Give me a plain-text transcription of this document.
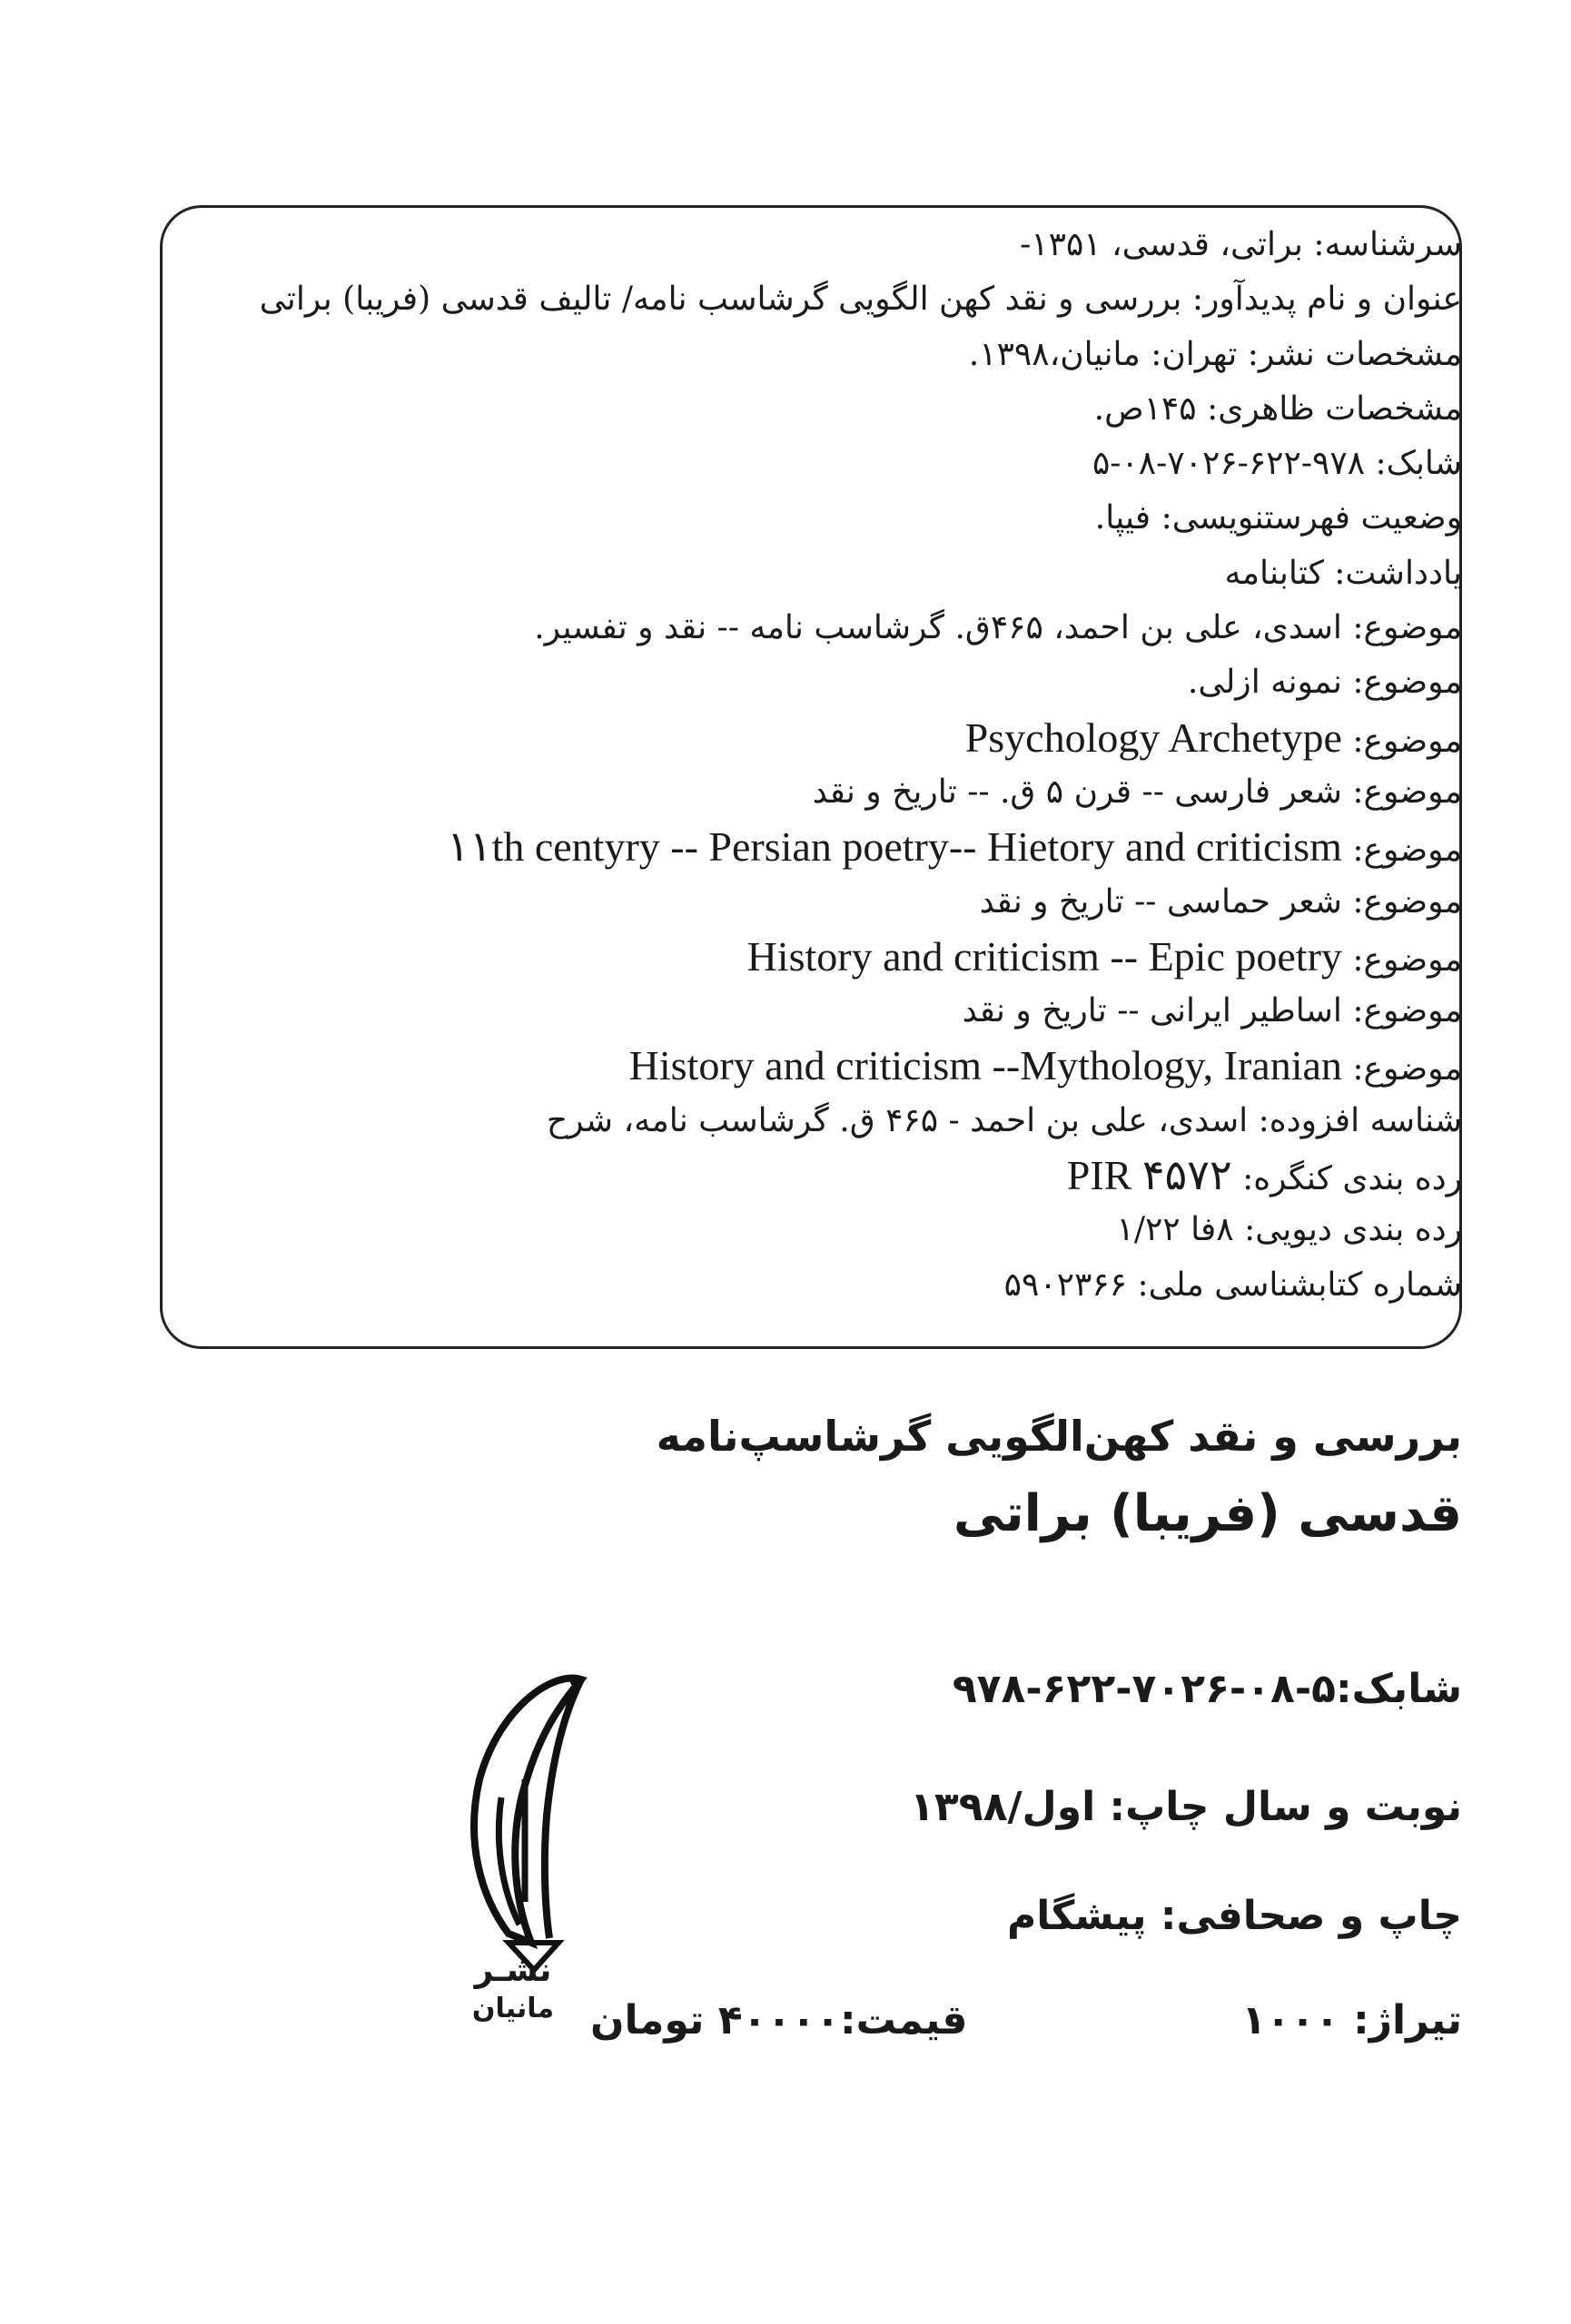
سرشناسه: براتی، قدسی، ۱۳۵۱-
عنوان و نام پدیدآور: بررسی و نقد کهن الگویی گرشاسب نامه/ تالیف قدسی (فریبا) براتی
مشخصات نشر: تهران: مانیان،۱۳۹۸.
مشخصات ظاهری: ۱۴۵ص.
شابک: ۹۷۸-۶۲۲-۷۰۲۶-۰۸-۵
وضعیت فهرستنویسی: فیپا.
یادداشت: کتابنامه
موضوع: اسدی، علی بن احمد، ۴۶۵ق. گرشاسب نامه -- نقد و تفسیر.
موضوع: نمونه ازلی.
موضوع: Psychology Archetype
موضوع: شعر فارسی -- قرن ۵ ق. -- تاریخ و نقد
موضوع: ۱۱th centyry -- Persian poetry-- Hietory and criticism
موضوع: شعر حماسی -- تاریخ و نقد
موضوع: History and criticism -- Epic poetry
موضوع: اساطیر ایرانی -- تاریخ و نقد
موضوع: History and criticism --Mythology, Iranian
شناسه افزوده: اسدی، علی بن احمد - ۴۶۵ ق. گرشاسب نامه، شرح
رده بندی کنگره: PIR ۴۵۷۲
رده بندی دیویی: ۸فا ۱/۲۲
شماره کتابشناسی ملی: ۵۹۰۲۳۶۶
بررسی و نقد کهن‌الگویی گرشاسپ‌نامه
قدسی (فریبا) براتی
شابک:۵-۰۸-۷۰۲۶-۶۲۲-۹۷۸
نوبت و سال چاپ: اول/۱۳۹۸
چاپ و صحافی: پیشگام
تیراژ: ۱۰۰۰
قیمت:۴۰۰۰۰ تومان
نشـر
مانیان
